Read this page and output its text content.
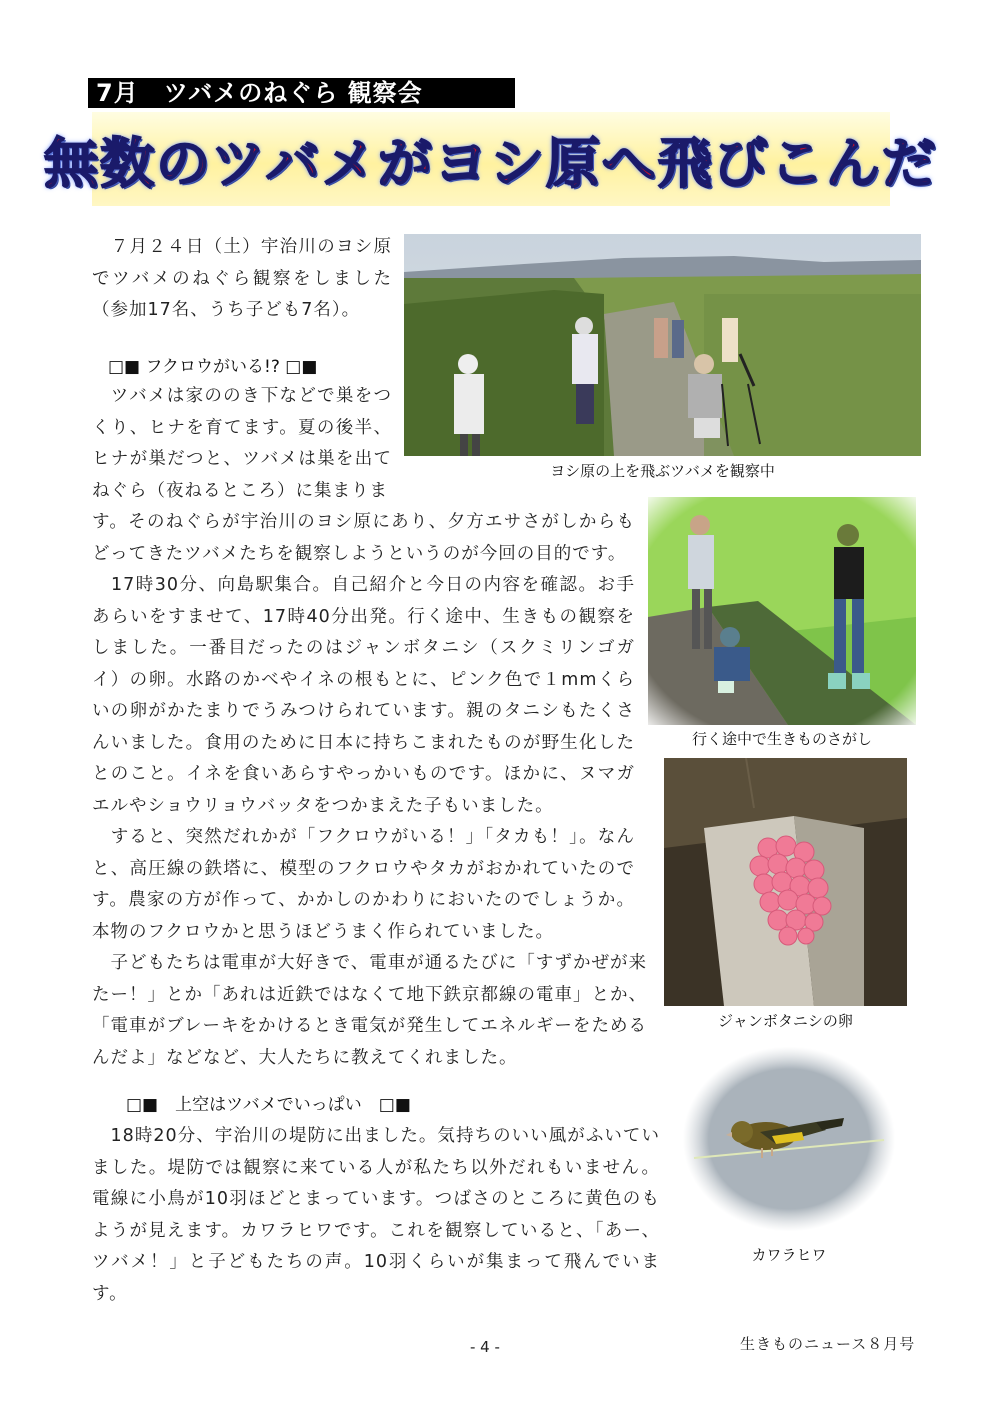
7月　ツバメのねぐら 観察会
無数のツバメがヨシ原へ飛びこんだ

　７月２４日（土）宇治川のヨシ原でツバメのねぐら観察をしました（参加17名、うち子ども7名）。

□■ フクロウがいる!? □■

　ツバメは家ののき下などで巣をつくり、ヒナを育てます。夏の後半、ヒナが巣だつと、ツバメは巣を出てねぐら（夜ねるところ）に集まりま

す。そのねぐらが宇治川のヨシ原にあり、夕方エサさがしからもどってきたツバメたちを観察しようというのが今回の目的です。

　17時30分、向島駅集合。自己紹介と今日の内容を確認。お手あらいをすませて、17時40分出発。行く途中、生きもの観察をしました。一番目だったのはジャンボタニシ（スクミリンゴガイ）の卵。水路のかべやイネの根もとに、ピンク色で１mmくらいの卵がかたまりでうみつけられています。親のタニシもたくさんいました。食用のために日本に持ちこまれたものが野生化したとのこと。イネを食いあらすやっかいものです。ほかに、ヌマガエルやショウリョウバッタをつかまえた子もいました。

　すると、突然だれかが「フクロウがいる！」「タカも！」。なんと、高圧線の鉄塔に、模型のフクロウやタカがおかれていたのです。農家の方が作って、かかしのかわりにおいたのでしょうか。本物のフクロウかと思うほどうまく作られていました。

　子どもたちは電車が大好きで、電車が通るたびに「すずかぜが来たー！」とか「あれは近鉄ではなくて地下鉄京都線の電車」とか、「電車がブレーキをかけるとき電気が発生してエネルギーをためるんだよ」などなど、大人たちに教えてくれました。

□■　上空はツバメでいっぱい　□■

　18時20分、宇治川の堤防に出ました。気持ちのいい風がふいていました。堤防では観察に来ている人が私たち以外だれもいません。電線に小鳥が10羽ほどとまっています。つばさのところに黄色のもようが見えます。カワラヒワです。これを観察していると、「あー、ツバメ！」と子どもたちの声。10羽くらいが集まって飛んでいます。

ヨシ原の上を飛ぶツバメを観察中
行く途中で生きものさがし
ジャンボタニシの卵
カワラヒワ
- 4 -	生きものニュース８月号
